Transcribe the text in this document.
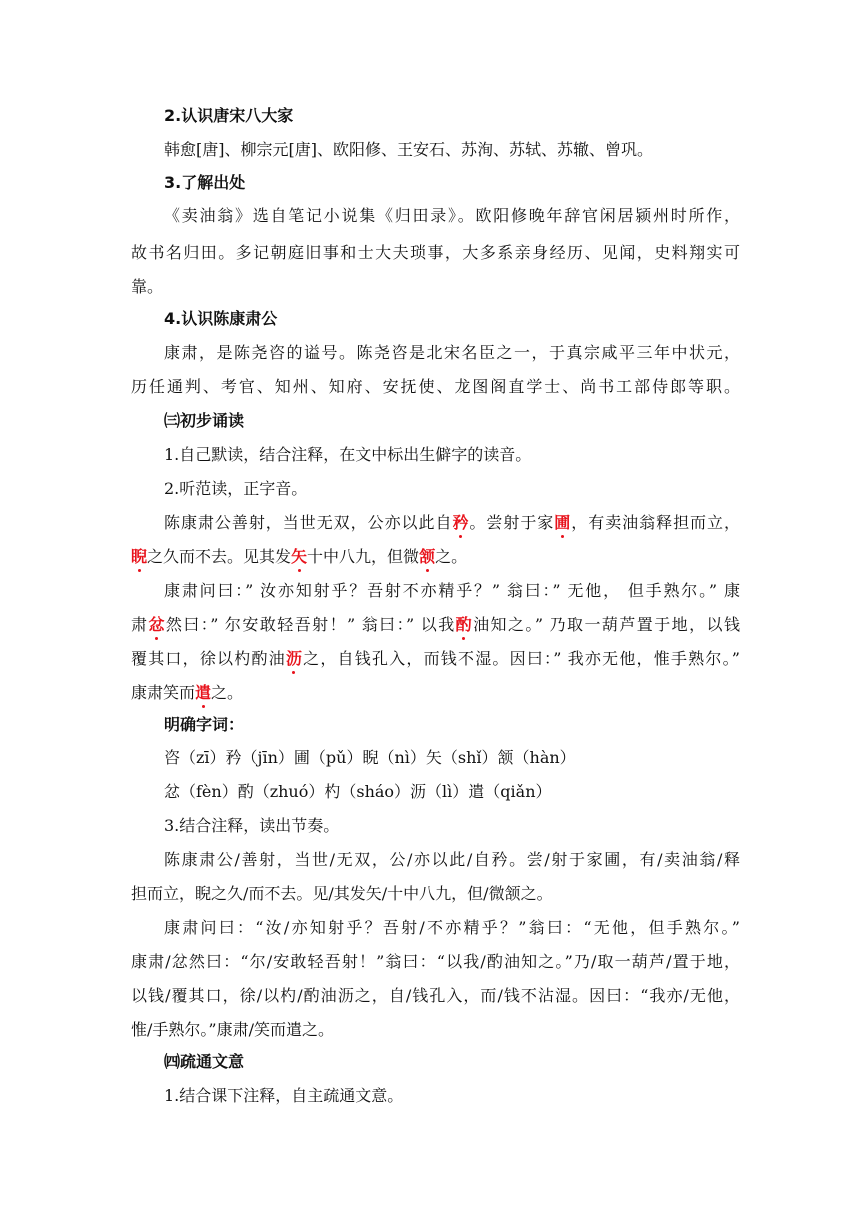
2.认识唐宋八大家
韩愈[唐]、柳宗元[唐]、欧阳修、王安石、苏洵、苏轼、苏辙、曾巩。
3.了解出处
《卖油翁》选自笔记小说集《归田录》。欧阳修晚年辞官闲居颍州时所作，
故书名归田。多记朝庭旧事和士大夫琐事，大多系亲身经历、见闻，史料翔实可
靠。
4.认识陈康肃公
康肃，是陈尧咨的谥号。陈尧咨是北宋名臣之一，于真宗咸平三年中状元，
历任通判、考官、知州、知府、安抚使、龙图阁直学士、尚书工部侍郎等职。
㈢初步诵读
1.自己默读，结合注释，在文中标出生僻字的读音。
2.听范读，正字音。
陈康肃公善射，当世无双，公亦以此自矜。尝射于家圃，有卖油翁释担而立，
睨之久而不去。见其发矢十中八九，但微颔之。
康肃问曰：” 汝亦知射乎？吾射不亦精乎？” 翁曰：” 无他， 但手熟尔。” 康
肃忿然曰：” 尔安敢轻吾射！” 翁曰：” 以我酌油知之。” 乃取一葫芦置于地，以钱
覆其口，徐以杓酌油沥之，自钱孔入，而钱不湿。因曰：” 我亦无他，惟手熟尔。”
康肃笑而遣之。
明确字词：
咨（zī）矜（jīn）圃（pǔ）睨（nì）矢（shǐ）颔（hàn）
忿（fèn）酌（zhuó）杓（sháo）沥（lì）遣（qiǎn）
3.结合注释，读出节奏。
陈康肃公/善射，当世/无双，公/亦以此/自矜。尝/射于家圃，有/卖油翁/释
担而立，睨之久/而不去。见/其发矢/十中八九，但/微颔之。
康肃问曰：“汝/亦知射乎？吾射/不亦精乎？”翁曰：“无他，但手熟尔。”
康肃/忿然曰：“尔/安敢轻吾射！”翁曰：“以我/酌油知之。”乃/取一葫芦/置于地，
以钱/覆其口，徐/以杓/酌油沥之，自/钱孔入，而/钱不沾湿。因曰：“我亦/无他，
惟/手熟尔。”康肃/笑而遣之。
㈣疏通文意
1.结合课下注释，自主疏通文意。
